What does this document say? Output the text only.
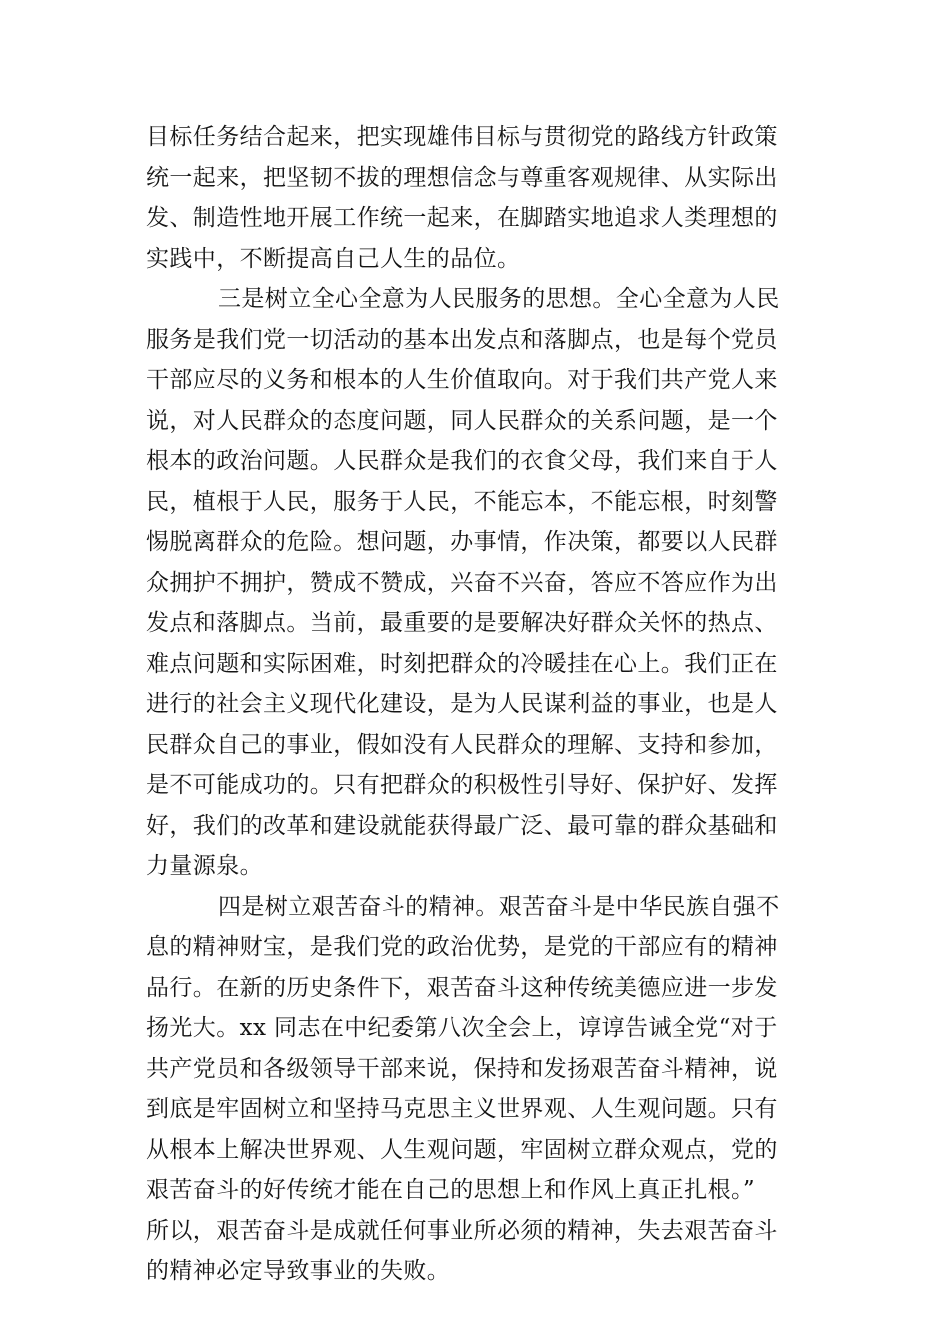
目标任务结合起来，把实现雄伟目标与贯彻党的路线方针政策
统一起来，把坚韧不拔的理想信念与尊重客观规律、从实际出
发、制造性地开展工作统一起来，在脚踏实地追求人类理想的
实践中，不断提高自己人生的品位。

三是树立全心全意为人民服务的思想。全心全意为人民
服务是我们党一切活动的基本出发点和落脚点，也是每个党员
干部应尽的义务和根本的人生价值取向。对于我们共产党人来
说，对人民群众的态度问题，同人民群众的关系问题，是一个
根本的政治问题。人民群众是我们的衣食父母，我们来自于人
民，植根于人民，服务于人民，不能忘本，不能忘根，时刻警
惕脱离群众的危险。想问题，办事情，作决策，都要以人民群
众拥护不拥护，赞成不赞成，兴奋不兴奋，答应不答应作为出
发点和落脚点。当前，最重要的是要解决好群众关怀的热点、
难点问题和实际困难，时刻把群众的冷暖挂在心上。我们正在
进行的社会主义现代化建设，是为人民谋利益的事业，也是人
民群众自己的事业，假如没有人民群众的理解、支持和参加，
是不可能成功的。只有把群众的积极性引导好、保护好、发挥
好，我们的改革和建设就能获得最广泛、最可靠的群众基础和
力量源泉。

四是树立艰苦奋斗的精神。艰苦奋斗是中华民族自强不
息的精神财宝，是我们党的政治优势，是党的干部应有的精神
品行。在新的历史条件下，艰苦奋斗这种传统美德应进一步发
扬光大。xx 同志在中纪委第八次全会上，谆谆告诫全党“对于
共产党员和各级领导干部来说，保持和发扬艰苦奋斗精神，说
到底是牢固树立和坚持马克思主义世界观、人生观问题。只有
从根本上解决世界观、人生观问题，牢固树立群众观点，党的
艰苦奋斗的好传统才能在自己的思想上和作风上真正扎根。”
所以，艰苦奋斗是成就任何事业所必须的精神，失去艰苦奋斗
的精神必定导致事业的失败。
